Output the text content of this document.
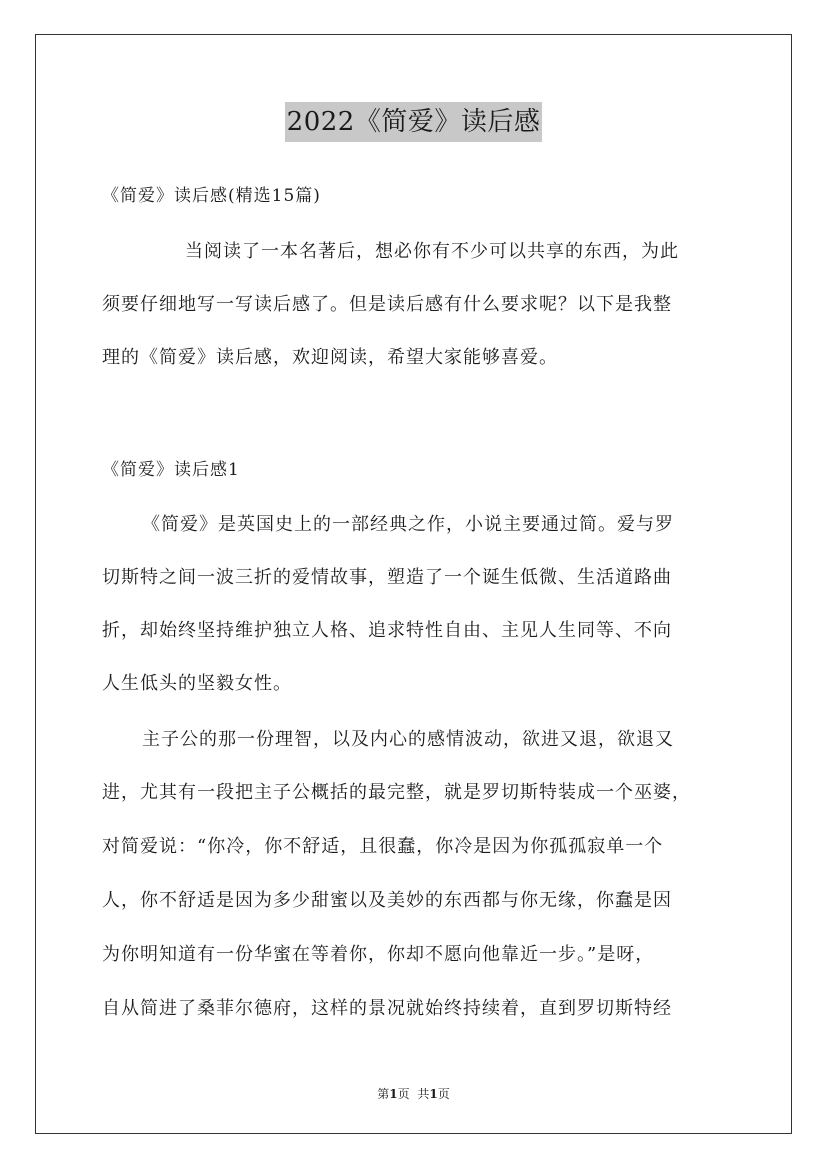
2022《简爱》读后感
《简爱》读后感(精选15篇)
当阅读了一本名著后，想必你有不少可以共享的东西，为此
须要仔细地写一写读后感了。但是读后感有什么要求呢？以下是我整
理的《简爱》读后感，欢迎阅读，希望大家能够喜爱。
《简爱》读后感1
《简爱》是英国史上的一部经典之作，小说主要通过简。爱与罗
切斯特之间一波三折的爱情故事，塑造了一个诞生低微、生活道路曲
折，却始终坚持维护独立人格、追求特性自由、主见人生同等、不向
人生低头的坚毅女性。
主子公的那一份理智，以及内心的感情波动，欲进又退，欲退又
进，尤其有一段把主子公概括的最完整，就是罗切斯特装成一个巫婆，
对简爱说：“你冷，你不舒适，且很蠢，你冷是因为你孤孤寂单一个
人，你不舒适是因为多少甜蜜以及美妙的东西都与你无缘，你蠢是因
为你明知道有一份华蜜在等着你，你却不愿向他靠近一步。”是呀，
自从简进了桑菲尔德府，这样的景况就始终持续着，直到罗切斯特经
第1页 共1页
